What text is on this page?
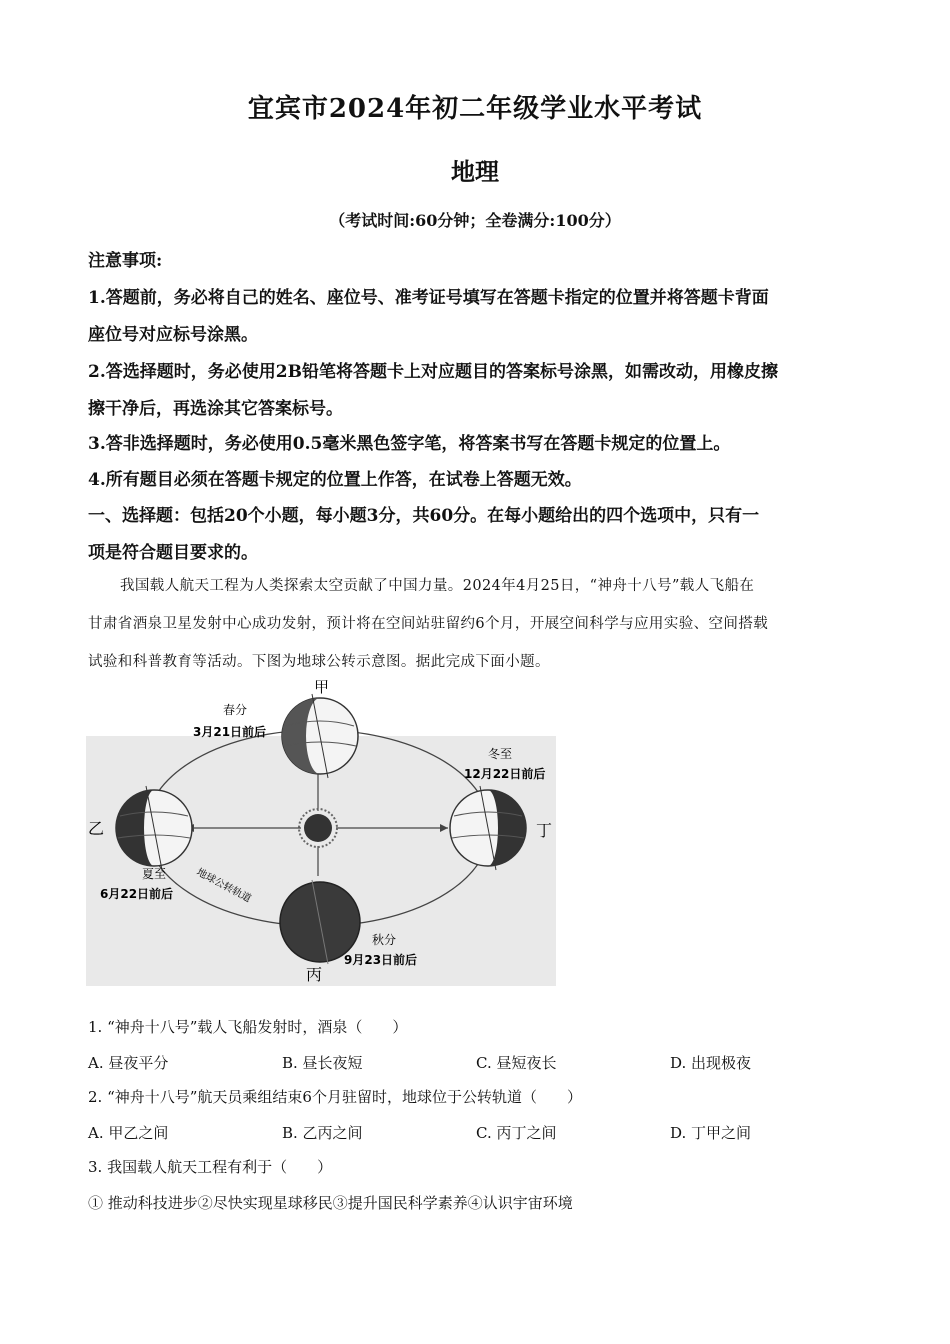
宜宾市2024年初二年级学业水平考试
地理
（考试时间:60分钟；全卷满分:100分）
注意事项:
1.答题前，务必将自己的姓名、座位号、准考证号填写在答题卡指定的位置并将答题卡背面
座位号对应标号涂黑。
2.答选择题时，务必使用2B铅笔将答题卡上对应题目的答案标号涂黑，如需改动，用橡皮擦
擦干净后，再选涂其它答案标号。
3.答非选择题时，务必使用0.5毫米黑色签字笔，将答案书写在答题卡规定的位置上。
4.所有题目必须在答题卡规定的位置上作答，在试卷上答题无效。
一、选择题：包括20个小题，每小题3分，共60分。在每小题给出的四个选项中，只有一
项是符合题目要求的。
我国载人航天工程为人类探索太空贡献了中国力量。2024年4月25日，“神舟十八号”载人飞船在
甘肃省酒泉卫星发射中心成功发射，预计将在空间站驻留约6个月，开展空间科学与应用实验、空间搭载
试验和科普教育等活动。下图为地球公转示意图。据此完成下面小题。
甲
乙
丙
丁
春分
3月21日前后
冬至
12月22日前后
夏至
6月22日前后
秋分
9月23日前后
地球公转轨道
1. “神舟十八号”载人飞船发射时，酒泉（　　）
A. 昼夜平分	B. 昼长夜短	C. 昼短夜长	D. 出现极夜
2. “神舟十八号”航天员乘组结束6个月驻留时，地球位于公转轨道（　　）
A. 甲乙之间	B. 乙丙之间	C. 丙丁之间	D. 丁甲之间
3. 我国载人航天工程有利于（　　）
① 推动科技进步②尽快实现星球移民③提升国民科学素养④认识宇宙环境
